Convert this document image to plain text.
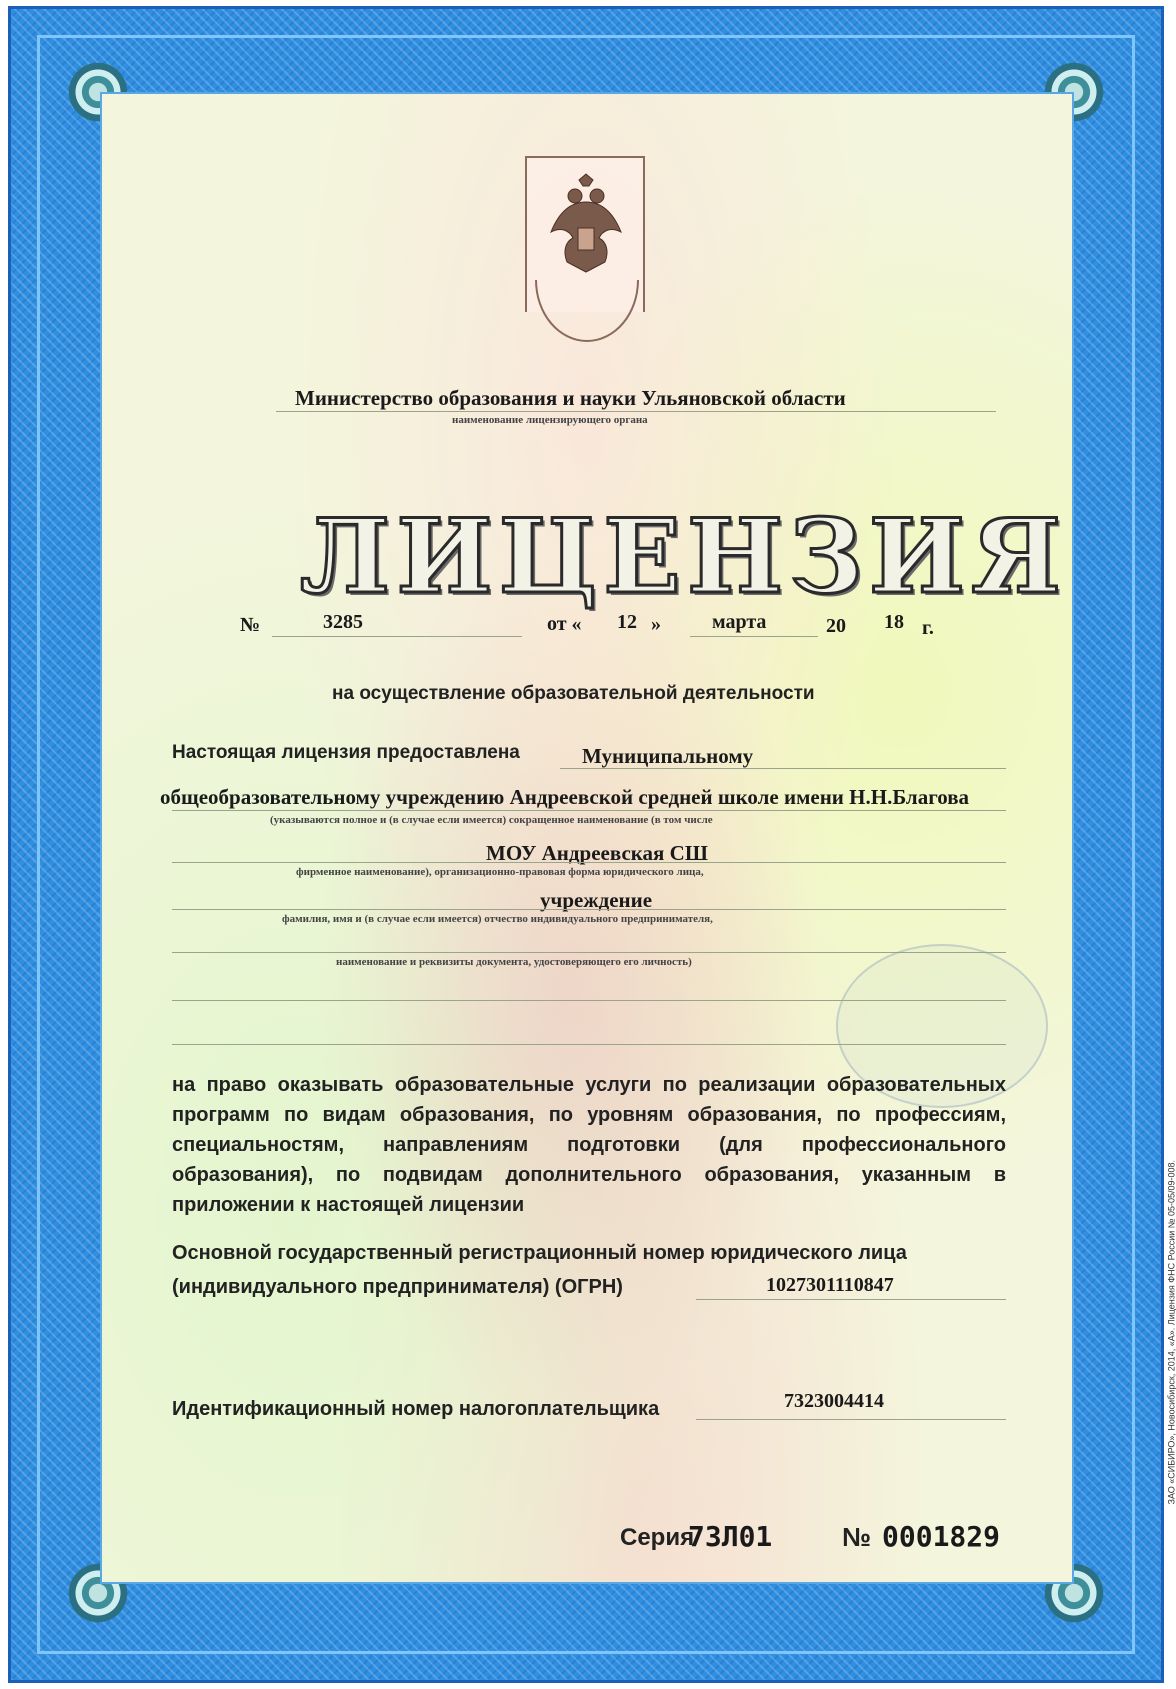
Министерство образования и науки Ульяновской области
наименование лицензирующего органа
ЛИЦЕНЗИЯ
№	3285	от « 12 »	марта	20 18 г.
на осуществление образовательной деятельности
Настоящая лицензия предоставлена	Муниципальному
общеобразовательному учреждению Андреевской средней школе имени Н.Н.Благова
(указываются полное и (в случае если имеется) сокращенное наименование (в том числе
МОУ Андреевская СШ
фирменное наименование), организационно-правовая форма юридического лица,
учреждение
фамилия, имя и (в случае если имеется) отчество индивидуального предпринимателя,
наименование и реквизиты документа, удостоверяющего его личность)
на право оказывать образовательные услуги по реализации образовательных программ по видам образования, по уровням образования, по профессиям, специальностям, направлениям подготовки (для профессионального образования), по подвидам дополнительного образования, указанным в приложении к настоящей лицензии
Основной государственный регистрационный номер юридического лица
(индивидуального предпринимателя) (ОГРН)	1027301110847
Идентификационный номер налогоплательщика	7323004414
Серия
73Л01	№ 0001829
ЗАО «СИБИРО», Новосибирск, 2014, «А». Лицензия ФНС России № 05-05/09-008.
